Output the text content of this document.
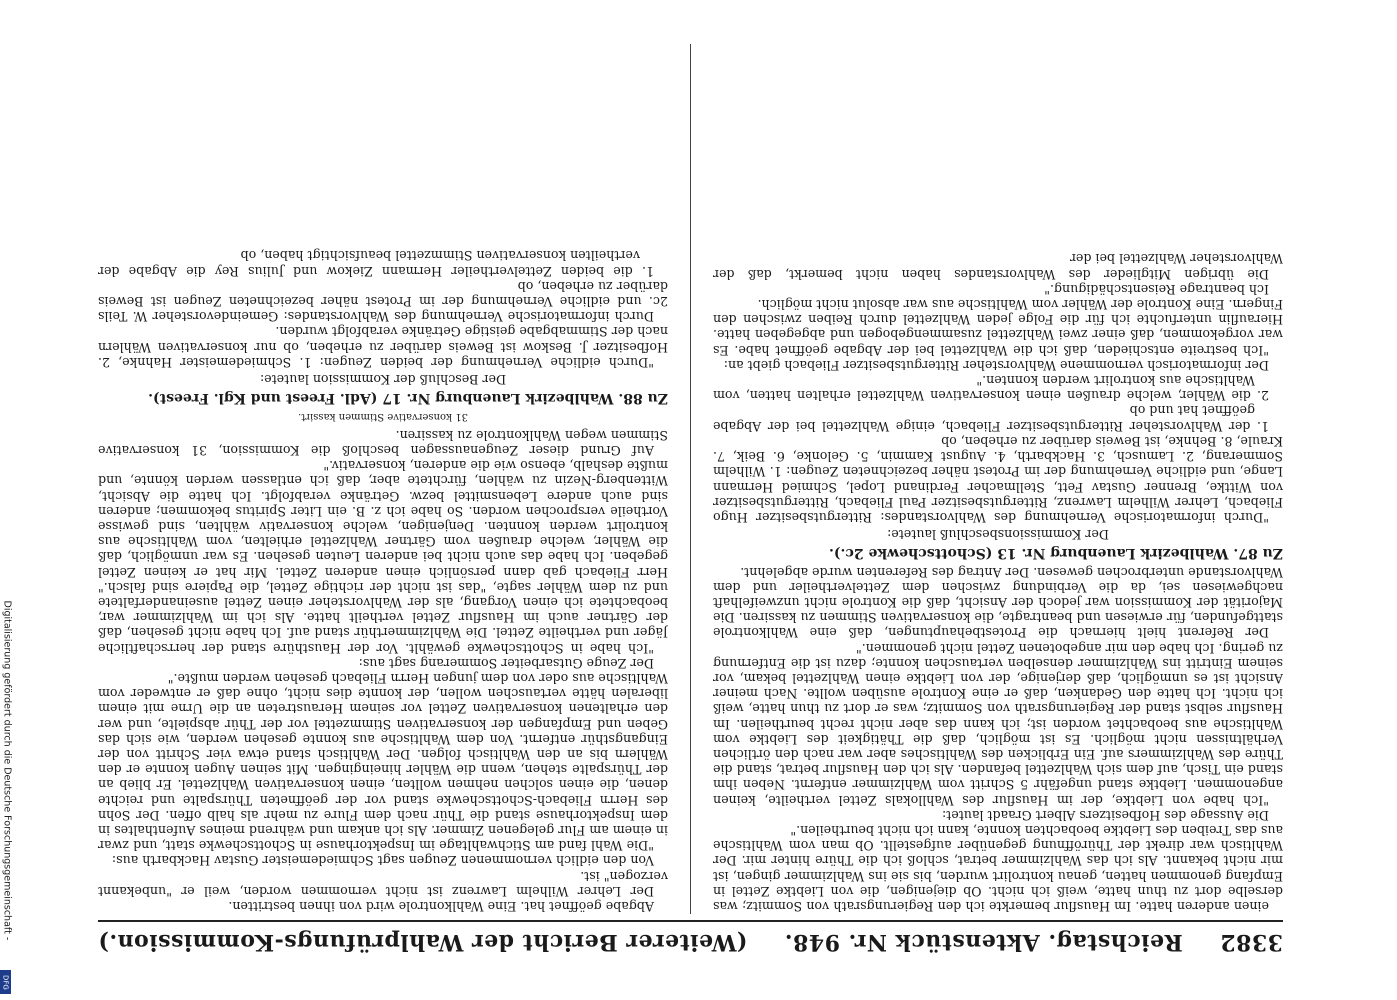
3382
Reichstag. Aktenstück Nr. 948.
(Weiterer Bericht der Wahlprüfungs-Kommission.)

einen anderen hatte. Im Hausflur bemerkte ich den Regierungsrath von Sommitz; was derselbe dort zu thun hatte, weiß ich nicht. Ob diejenigen, die von Liebtke Zettel in Empfang genommen hatten, genau kontrolirt wurden, bis sie ins Wahlzimmer gingen, ist mir nicht bekannt. Als ich das Wahlzimmer betrat, schloß ich die Thüre hinter mir. Der Wahltisch war direkt der Thüröffnung gegenüber aufgestellt. Ob man vom Wahltische aus das Treiben des Liebtke beobachten konnte, kann ich nicht beurtheilen."

Die Aussage des Hofbesitzers Albert Graadt lautet:

"Ich habe von Liebtke, der im Hausflur des Wahllokals Zettel vertheilte, keinen angenommen. Liebtke stand ungefähr 5 Schritt vom Wahlzimmer entfernt. Neben ihm stand ein Tisch, auf dem sich Wahlzettel befanden. Als ich den Hausflur betrat, stand die Thüre des Wahlzimmers auf. Ein Erblicken des Wahltisches aber war nach den örtlichen Verhältnissen nicht möglich. Es ist möglich, daß die Thätigkeit des Liebtke vom Wahltische aus beobachtet worden ist; ich kann das aber nicht recht beurtheilen. Im Hausflur selbst stand der Regierungsrath von Sommitz; was er dort zu thun hatte, weiß ich nicht. Ich hatte den Gedanken, daß er eine Kontrole ausüben wollte. Nach meiner Ansicht ist es unmöglich, daß derjenige, der von Liebtke einen Wahlzettel bekam, vor seinem Eintritt ins Wahlzimmer denselben vertauschen konnte; dazu ist die Entfernung zu gering. Ich habe den mir angebotenen Zettel nicht genommen."

Der Referent hielt hiernach die Protestbehauptungen, daß eine Wahlkontrole stattgefunden, für erwiesen und beantragte, die konservativen Stimmen zu kassiren. Die Majorität der Kommission war jedoch der Ansicht, daß die Kontrole nicht unzweifelhaft nachgewiesen sei, da die Verbindung zwischen dem Zettelvertheiler und dem Wahlvorstande unterbrochen gewesen. Der Antrag des Referenten wurde abgelehnt.

Zu 87. Wahlbezirk Lauenburg Nr. 13 (Schottschewke 2c.).

Der Kommissionsbeschluß lautete:

"Durch informatorische Vernehmung des Wahlvorstandes: Rittergutsbesitzer Hugo Fliebach, Lehrer Wilhelm Lawrenz, Rittergutsbesitzer Paul Fliebach, Rittergutsbesitzer von Wittke, Brenner Gustav Fett, Stellmacher Ferdinand Lopel, Schmied Hermann Lange, und eidliche Vernehmung der im Protest näher bezeichneten Zeugen: 1. Wilhelm Sommerang, 2. Lamusch, 3. Hackbarth, 4. August Kammin, 5. Gelonke, 6. Beik, 7. Kraule, 8. Behnke, ist Beweis darüber zu erheben, ob

1. der Wahlvorsteher Rittergutsbesitzer Fliebach, einige Wahlzettel bei der Abgabe geöffnet hat und ob

2. die Wähler, welche draußen einen konservativen Wahlzettel erhalten hatten, vom Wahltische aus kontrolirt werden konnten."

Der informatorisch vernommene Wahlvorsteher Rittergutsbesitzer Fliebach giebt an:

"Ich bestreite entschieden, daß ich die Wahlzettel bei der Abgabe geöffnet habe. Es war vorgekommen, daß einer zwei Wahlzettel zusammengebogen und abgegeben hatte. Hierauflin unterfuchte ich für die Folge jeden Wahlzettel durch Reiben zwischen den Fingern. Eine Kontrole der Wähler vom Wahltische aus war absolut nicht möglich.

Ich beantrage Reisentschädigung."

Die übrigen Mitglieder des Wahlvorstandes haben nicht bemerkt, daß der Wahlvorsteher Wahlzettel bei der

Abgabe geöffnet hat. Eine Wahlkontrole wird von ihnen bestritten.

Der Lehrer Wilhelm Lawrenz ist nicht vernommen worden, weil er "unbekannt verzogen" ist.

Von den eidlich vernommenen Zeugen sagt Schmiedemeister Gustav Hackbarth aus:

"Die Wahl fand am Stichwahltage im Inspektorhause in Schottschewke statt, und zwar in einem am Flur gelegenen Zimmer. Als ich ankam und während meines Aufenthaltes in dem Inspektorhause stand die Thür nach dem Flure zu mehr als halb offen. Der Sohn des Herrn Fliebach-Schottschewke stand vor der geöffneten Thürspalte und reichte denen, die einen solchen nehmen wollten, einen konservativen Wahlzettel. Er blieb an der Thürspalte stehen, wenn die Wähler hineingingen. Mit seinen Augen konnte er den Wählern bis an den Wahltisch folgen. Der Wahltisch stand etwa vier Schritt von der Eingangsthür entfernt. Von dem Wahltische aus konnte gesehen werden, wie sich das Geben und Empfangen der konservativen Stimmzettel vor der Thür abspielte, und wer den erhaltenen konservativen Zettel vor seinem Heraustreten an die Urne mit einem liberalen hätte vertauschen wollen, der konnte dies nicht, ohne daß er entweder vom Wahltische aus oder von dem jungen Herrn Fliebach gesehen werden mußte."

Der Zeuge Gutsarbeiter Sommerang sagt aus:

"Ich habe in Schottschewke gewählt. Vor der Hausthüre stand der herrschaftliche Jäger und vertheilte Zettel. Die Wahlzimmerthür stand auf. Ich habe nicht gesehen, daß der Gärtner auch im Hausflur Zettel vertheilt hatte. Als ich im Wahlzimmer war, beobachtete ich einen Vorgang, als der Wahlvorsteher einen Zettel auseinanderfaltete und zu dem Wähler sagte, "das ist nicht der richtige Zettel, die Papiere sind falsch." Herr Fliebach gab dann persönlich einen anderen Zettel. Mir hat er keinen Zettel gegeben. Ich habe das auch nicht bei anderen Leuten gesehen. Es war unmöglich, daß die Wähler, welche draußen vom Gärtner Wahlzettel erhielten, vom Wahltische aus kontrolirt werden konnten. Denjenigen, welche konservativ wählten, sind gewisse Vortheile versprochen worden. So habe ich z. B. ein Liter Spiritus bekommen; anderen sind auch andere Lebensmittel bezw. Getränke verabfolgt. Ich hatte die Absicht, Wittenberg-Nezin zu wählen, fürchtete aber, daß ich entlassen werden könnte, und mußte deshalb, ebenso wie die anderen, konservativ."

Auf Grund dieser Zeugenaussagen beschloß die Kommission, 31 konservative Stimmen wegen Wahlkontrole zu kassiren.

31 konservative Stimmen kassirt.

Zu 88. Wahlbezirk Lauenburg Nr. 17 (Adl. Freest und Kgl. Freest).

Der Beschluß der Kommission lautete:

"Durch eidliche Vernehmung der beiden Zeugen: 1. Schmiedemeister Hahnke, 2. Hofbesitzer J. Beskow ist Beweis darüber zu erheben, ob nur konservativen Wählern nach der Stimmabgabe geistige Getränke verabfolgt wurden.

Durch informatorische Vernehmung des Wahlvorstandes: Gemeindevorsteher W. Teils 2c. und eidliche Vernehmung der im Protest näher bezeichneten Zeugen ist Beweis darüber zu erheben, ob

1. die beiden Zettelvertheiler Hermann Ziekow und Julius Rey die Abgabe der vertheilten konservativen Stimmzettel beaufsichtigt haben, ob

Digitalisierung gefördert durch die Deutsche Forschungsgemeinschaft -
DFG
